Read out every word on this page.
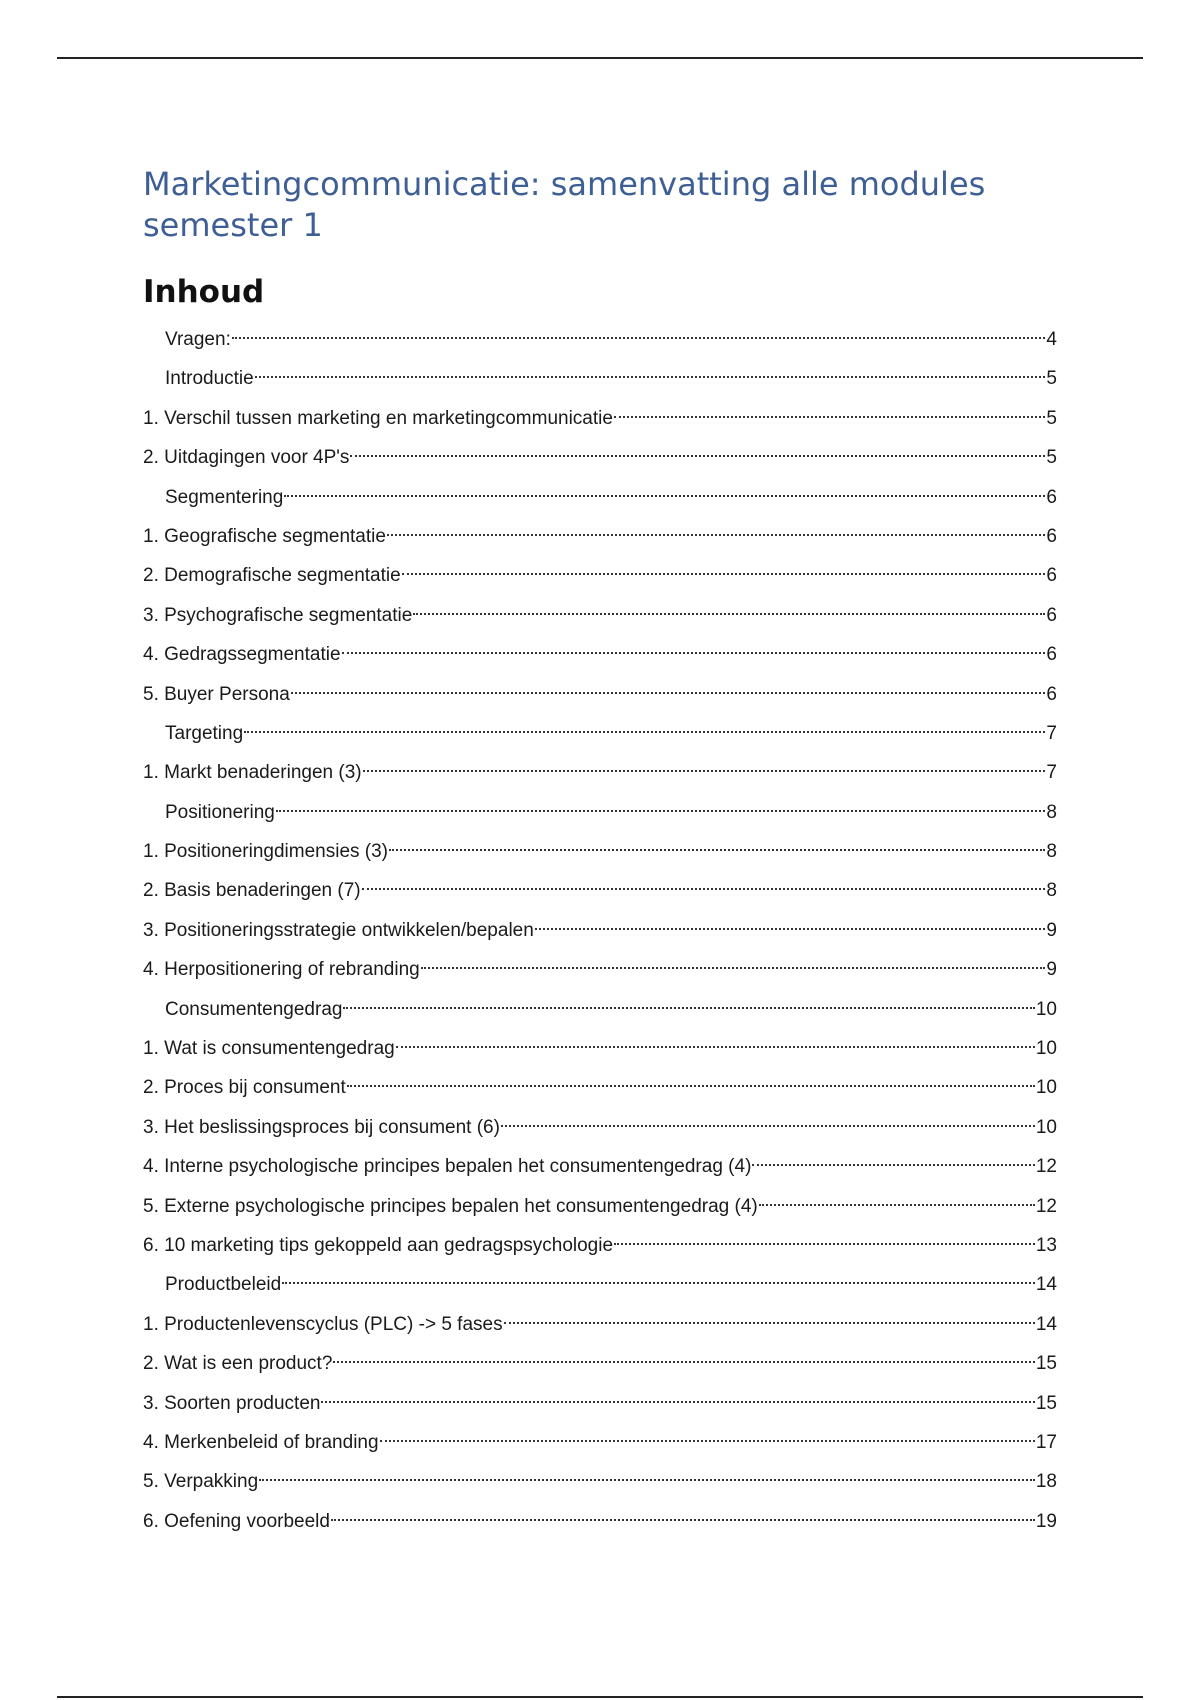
Marketingcommunicatie: samenvatting alle modules semester 1
Inhoud
Vragen:	4
Introductie	5
1. Verschil tussen marketing en marketingcommunicatie	5
2. Uitdagingen voor 4P's	5
Segmentering	6
1. Geografische segmentatie	6
2. Demografische segmentatie	6
3. Psychografische segmentatie	6
4. Gedragssegmentatie	6
5. Buyer Persona	6
Targeting	7
1. Markt benaderingen (3)	7
Positionering	8
1. Positioneringdimensies (3)	8
2. Basis benaderingen (7)	8
3. Positioneringsstrategie ontwikkelen/bepalen	9
4. Herpositionering of rebranding	9
Consumentengedrag	10
1. Wat is consumentengedrag	10
2. Proces bij consument	10
3. Het beslissingsproces bij consument (6)	10
4. Interne psychologische principes bepalen het consumentengedrag (4)	12
5. Externe psychologische principes bepalen het consumentengedrag (4)	12
6. 10 marketing tips gekoppeld aan gedragspsychologie	13
Productbeleid	14
1. Productenlevenscyclus (PLC) -> 5 fases	14
2. Wat is een product?	15
3. Soorten producten	15
4. Merkenbeleid of branding	17
5. Verpakking	18
6. Oefening voorbeeld	19
